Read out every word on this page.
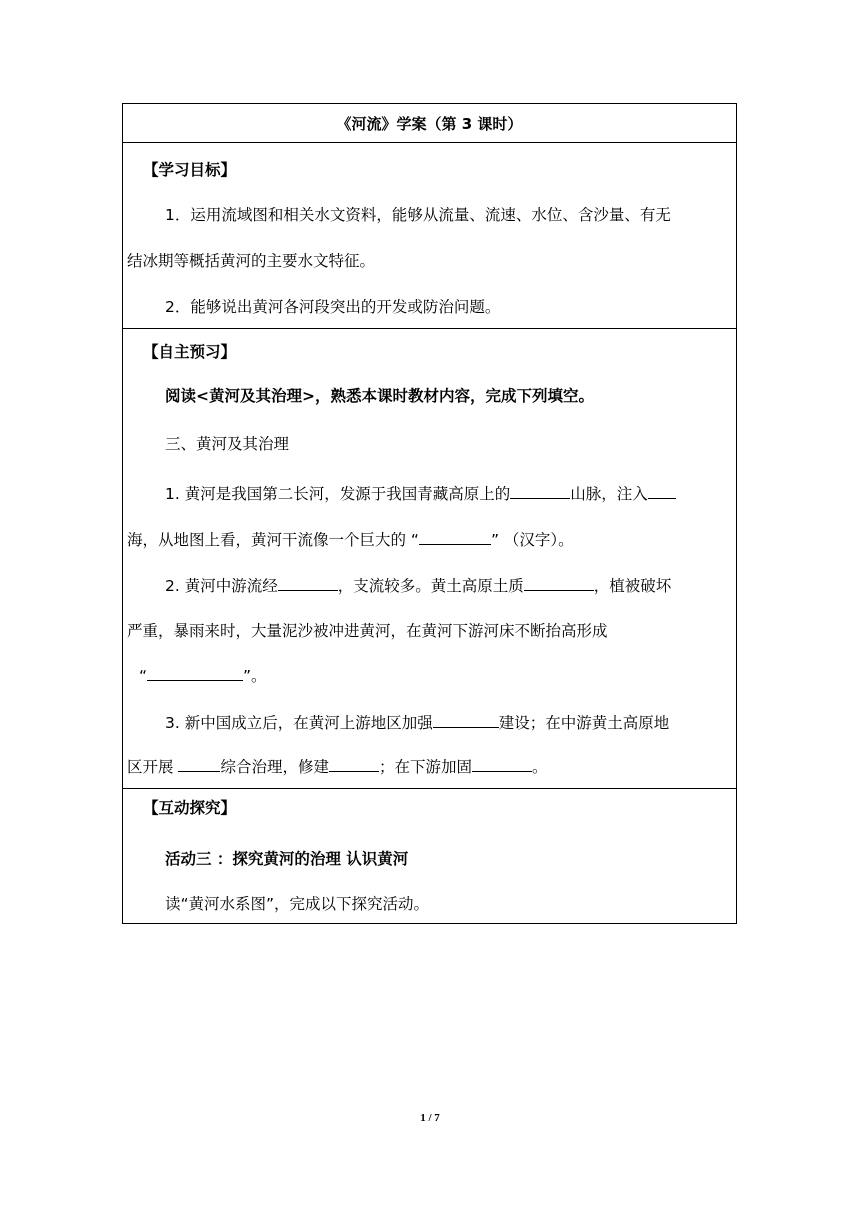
《河流》学案（第 3 课时）
【学习目标】
1．运用流域图和相关水文资料，能够从流量、流速、水位、含沙量、有无
结冰期等概括黄河的主要水文特征。
2．能够说出黄河各河段突出的开发或防治问题。
【自主预习】
阅读<黄河及其治理>，熟悉本课时教材内容，完成下列填空。
三、黄河及其治理
1. 黄河是我国第二长河，发源于我国青藏高原上的	山脉，注入
海，从地图上看，黄河干流像一个巨大的 “	” （汉字）。
2. 黄河中游流经	，支流较多。黄土高原土质	，植被破坏
严重，暴雨来时，大量泥沙被冲进黄河，在黄河下游河床不断抬高形成
“	”。
3. 新中国成立后，在黄河上游地区加强	建设；在中游黄土高原地
区开展	综合治理，修建	；在下游加固	。
【互动探究】
活动三 ：探究黄河的治理 认识黄河
读“黄河水系图”，完成以下探究活动。
1 / 7
